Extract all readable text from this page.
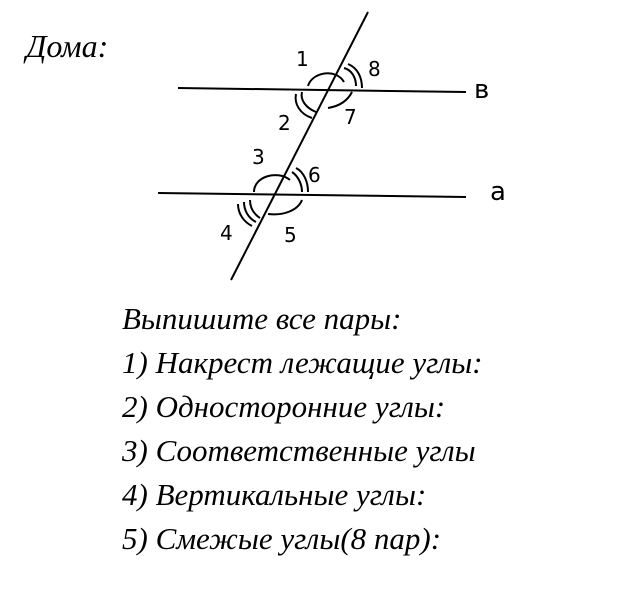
Дома:	1	8
2	7
3
6
4	5
в
а
Выпишите все пары:
1) Накрест лежащие углы:
2) Односторонние углы:
3) Соответственные углы
4) Вертикальные углы:
5) Смежые углы(8 пар):
